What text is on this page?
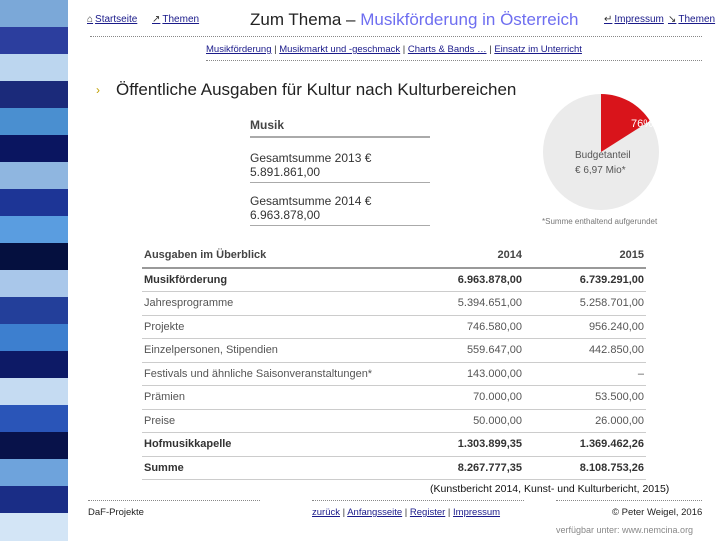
⌂ Startseite ↗ Themen	↵ Impressum ↘ Themen
Zum Thema – Musikförderung in Österreich
Musikförderung | Musikmarkt und -geschmack | Charts & Bands … | Einsatz im Unterricht
› Öffentliche Ausgaben für Kultur nach Kulturbereichen
Musik
Gesamtsumme 2013 € 5.891.861,00
Gesamtsumme 2014 € 6.963.878,00
76%
Budgetanteil
€ 6,97 Mio*
*Summe enthaltend aufgerundet
Ausgaben im Überblick	2014	2015
Musikförderung	6.963.878,00	6.739.291,00
Jahresprogramme	5.394.651,00	5.258.701,00
Projekte	746.580,00	956.240,00
Einzelpersonen, Stipendien	559.647,00	442.850,00
Festivals und ähnliche Saisonveranstaltungen*	143.000,00	–
Prämien	70.000,00	53.500,00
Preise	50.000,00	26.000,00
Hofmusikkapelle	1.303.899,35	1.369.462,26
Summe	8.267.777,35	8.108.753,26
(Kunstbericht 2014, Kunst- und Kulturbericht, 2015)
DaF-Projekte	zurück | Anfangsseite | Register | Impressum	© Peter Weigel, 2016
verfügbar unter: www.nemcina.org
